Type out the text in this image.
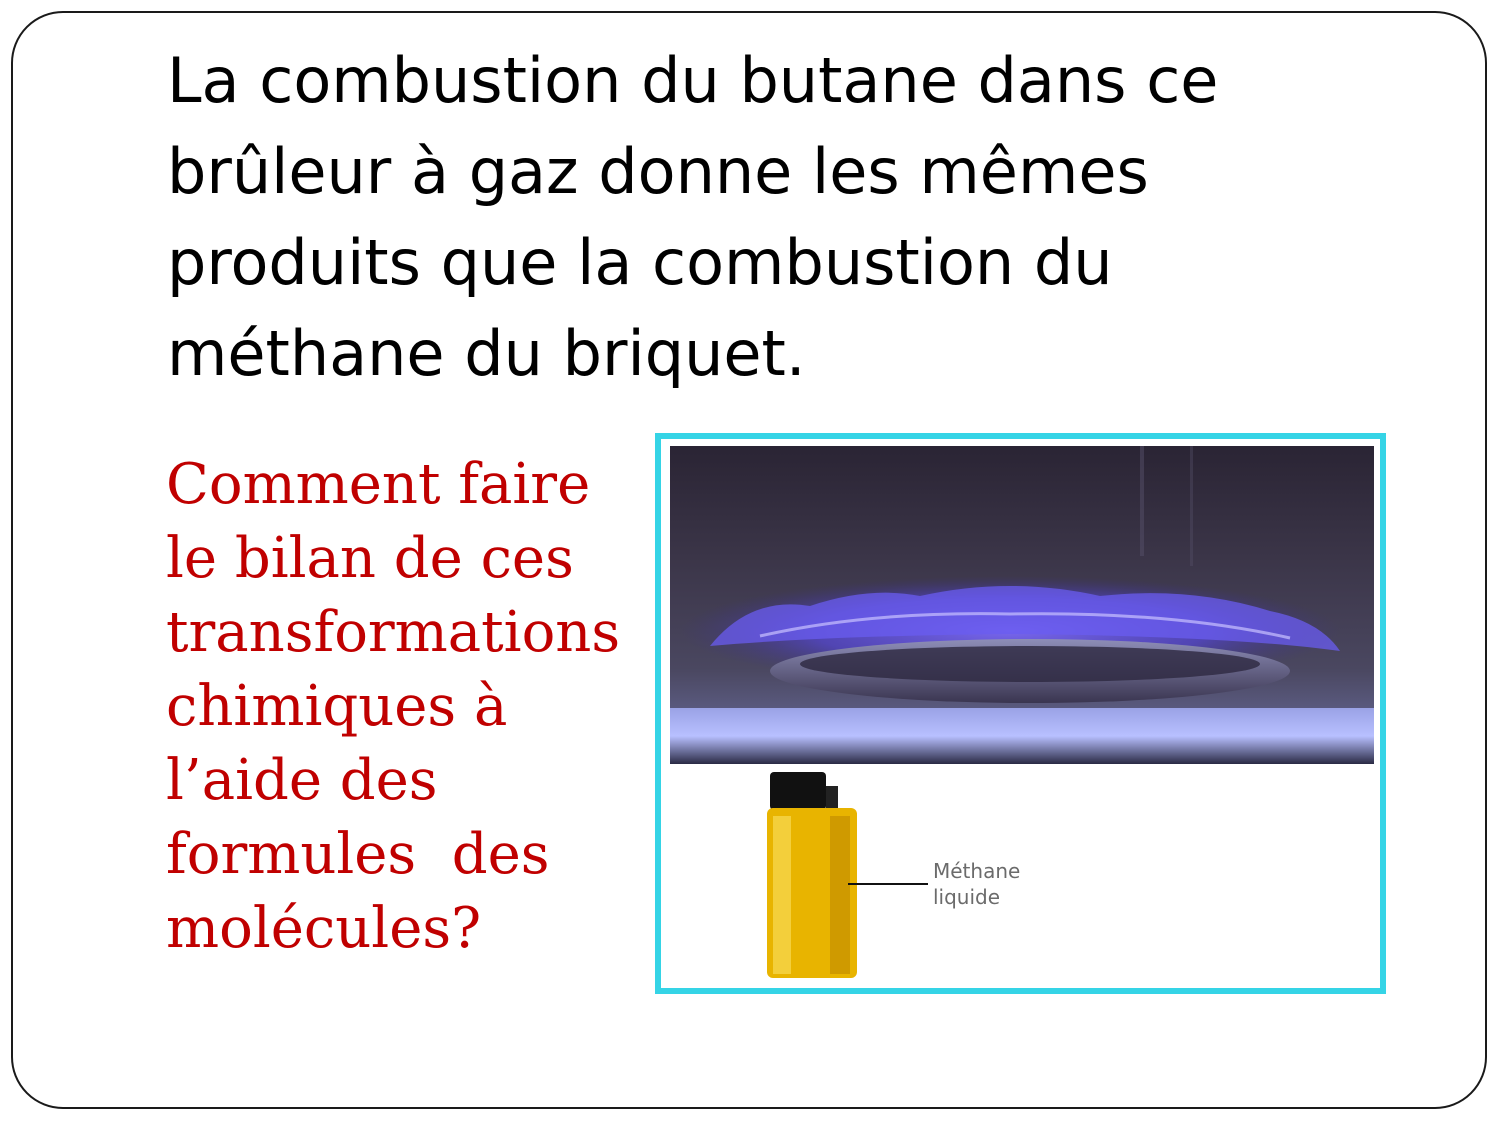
La combustion du butane dans ce
brûleur à gaz donne les mêmes
produits que la combustion du
méthane du briquet.
Comment faire
le bilan de ces
transformations
chimiques à
l’aide des
formules  des
molécules?
Méthane
liquide
